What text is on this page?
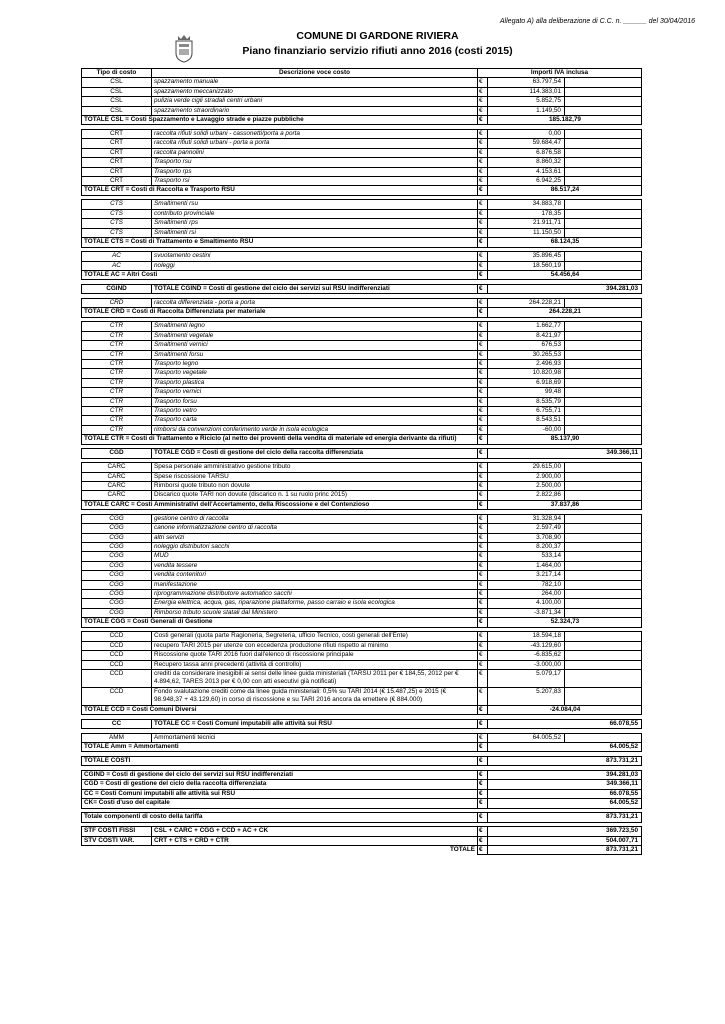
Allegato A) alla deliberazione di C.C. n. ______ del 30/04/2016
COMUNE DI GARDONE RIVIERA
Piano finanziario servizio rifiuti anno 2016 (costi 2015)
Tipo di costo	Descrizione voce costo	Importi IVA inclusa		
CSL	spazzamento manuale	€	63.797,54	
CSL	spazzamento meccanizzato	€	114.383,01	
CSL	pulizia verde cigli stradali centri urbani	€	5.852,75	
CSL	spazzamento straordinario	€	1.149,50	
TOTALE CSL = Costi Spazzamento e Lavaggio strade e piazze pubbliche		€	185.182,79	

CRT	raccolta rifiuti solidi urbani - cassonetti/porta a porta	€	0,00	
CRT	raccolta rifiuti solidi urbani - porta a porta	€	59.684,47	
CRT	raccolta pannolini	€	6.876,58	
CRT	Trasporto rsu	€	8.860,32	
CRT	Trasporto rps	€	4.153,61	
CRT	Trasporto rsi	€	6.942,25	
TOTALE CRT = Costi di Raccolta e Trasporto RSU		€	86.517,24	

CTS	Smaltimenti rsu	€	34.883,78	
CTS	contributo provinciale	€	178,35	
CTS	Smaltimenti rps	€	21.911,71	
CTS	Smaltimenti rsi	€	11.150,50	
TOTALE CTS = Costi di Trattamento e Smaltimento RSU		€	68.124,35	

AC	svuotamento cestini	€	35.896,45	
AC	noleggi	€	18.560,19	
TOTALE AC = Altri Costi		€	54.456,64	

CGIND	TOTALE CGIND = Costi di gestione del ciclo dei servizi sui RSU indifferenziati	€	394.281,03	

CRD	raccolta differenziata - porta a porta	€	264.228,21	
TOTALE CRD = Costi di Raccolta Differenziata per materiale		€	264.228,21	

CTR	Smaltimenti legno	€	1.662,77	
CTR	Smaltimenti vegetale	€	8.421,97	
CTR	Smaltimenti vernici	€	676,53	
CTR	Smaltimenti forsu	€	30.265,53	
CTR	Trasporto legno	€	2.496,93	
CTR	Trasporto vegetale	€	10.820,98	
CTR	Trasporto plastica	€	6.918,69	
CTR	Trasporto vernici	€	99,48	
CTR	Trasporto forsu	€	8.535,79	
CTR	Trasporto vetro	€	6.755,71	
CTR	Trasporto carta	€	8.543,51	
CTR	rimborsi da convenzioni conferimento verde in isola ecologica	€	-60,00	
TOTALE CTR = Costi di Trattamento e Riciclo (al netto dei proventi della vendita di materiale ed energia derivante da rifiuti)		€	85.137,90	

CGD	TOTALE CGD = Costi di gestione del ciclo della raccolta differenziata	€	349.366,11	

CARC	Spesa personale amministrativo gestione tributo	€	29.615,00	
CARC	Spese riscossione TARSU	€	2.900,00	
CARC	Rimborsi quote tributo non dovute	€	2.500,00	
CARC	Discarico quote TARI non dovute (discarico n. 1 su ruolo princ 2015)	€	2.822,86	
TOTALE CARC = Costi Amministrativi dell'Accertamento, della Riscossione e del Contenzioso		€	37.837,86	

CGG	gestione centro di raccolta	€	31.328,94	
CGG	canone informatizzazione centro di raccolta	€	2.597,49	
CGG	altri servizi	€	3.708,90	
CGG	noleggio distributori sacchi	€	8.200,37	
CGG	MUD	€	533,14	
CGG	vendita tessere	€	1.464,00	
CGG	vendita contenitori	€	3.217,14	
CGG	manifestazione	€	782,10	
CGG	riprogrammazione distributore automatico sacchi	€	264,00	
CGG	Energia elettrica, acqua, gas, riparazione piattaforme, passo carraio e isola ecologica	€	4.100,00	
CGG	Rimborso tributo scuole statali dal Ministero	€	-3.871,34	
TOTALE CGG = Costi Generali di Gestione		€	52.324,73	

CCD	Costi generali (quota parte Ragioneria, Segreteria, ufficio Tecnico, costi generali dell'Ente)	€	18.594,18	
CCD	recupero TARI 2015 per utenze con eccedenza produzione rifiuti rispetto al minimo	€	-43.129,60	
CCD	Riscossione quote TARI 2016 fuori dall'elenco di riscossione principale	€	-6.835,62	
CCD	Recupero tassa anni precedenti (attività di controllo)	€	-3.000,00	
CCD	crediti da considerare inesigibili ai sensi delle linee guida ministeriali (TARSU 2011 per € 184,55, 2012 per € 4.894,62, TARES 2013 per € 0,00 con atti esecutivi già notificati)	€	5.079,17	
CCD	Fondo svalutazione crediti come da linee guida ministeriali: 0,5% su TARI 2014 (€ 15.487,25) e 2015 (€ 98.948,37 + 43.129,60) in corso di riscossione e su TARI 2016 ancora da emettere (€ 884.000)	€	5.207,83	
TOTALE CCD = Costi Comuni Diversi		€	-24.084,04	

CC	TOTALE CC = Costi Comuni imputabili alle attività sui RSU	€	66.078,55	

AMM	Ammortamenti tecnici	€	64.005,52	
TOTALE Amm = Ammortamenti		€	64.005,52	

TOTALE COSTI		€	873.731,21	

CGIND = Costi di gestione del ciclo dei servizi sui RSU indifferenziati		€	394.281,03	
CGD = Costi di gestione del ciclo della raccolta differenziata		€	349.366,11	
CC = Costi Comuni imputabili alle attività sui RSU		€	66.078,55	
CK= Costi d'uso del capitale		€	64.005,52	

Totale componenti di costo della tariffa		€	873.731,21	

STF COSTI FISSI	CSL + CARC + CGG + CCD + AC + CK	€	369.723,50	
STV COSTI VAR.	CRT + CTS + CRD + CTR	€	504.007,71	
	TOTALE	€	873.731,21	
